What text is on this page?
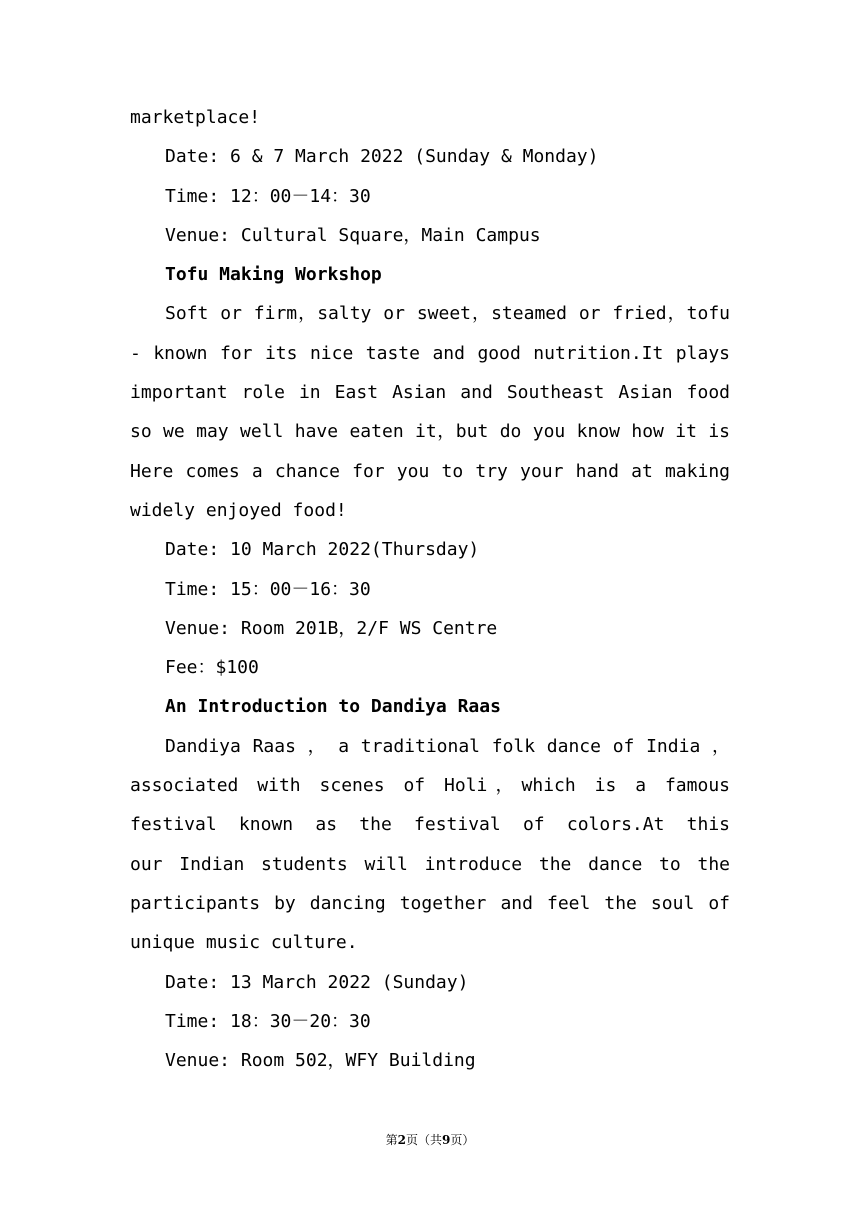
marketplace!
Date: 6 & 7 March 2022 (Sunday & Monday)
Time: 12：00－14：30
Venue: Cultural Square，Main Campus
Tofu Making Workshop
Soft or firm，salty or sweet，steamed or fried，tofu
- known for its nice taste and good nutrition.It plays
important role in East Asian and Southeast Asian food
so we may well have eaten it，but do you know how it is
Here comes a chance for you to try your hand at making
widely enjoyed food!
Date: 10 March 2022(Thursday)
Time: 15：00－16：30
Venue: Room 201B，2/F WS Centre
Fee：$100
An Introduction to Dandiya Raas
Dandiya Raas ， a traditional folk dance of India ，
associated with scenes of Holi，which is a famous
festival known as the festival of colors.At this
our Indian students will introduce the dance to the
participants by dancing together and feel the soul of
unique music culture.
Date: 13 March 2022 (Sunday)
Time: 18：30－20：30
Venue: Room 502，WFY Building
第2页（共9页）
